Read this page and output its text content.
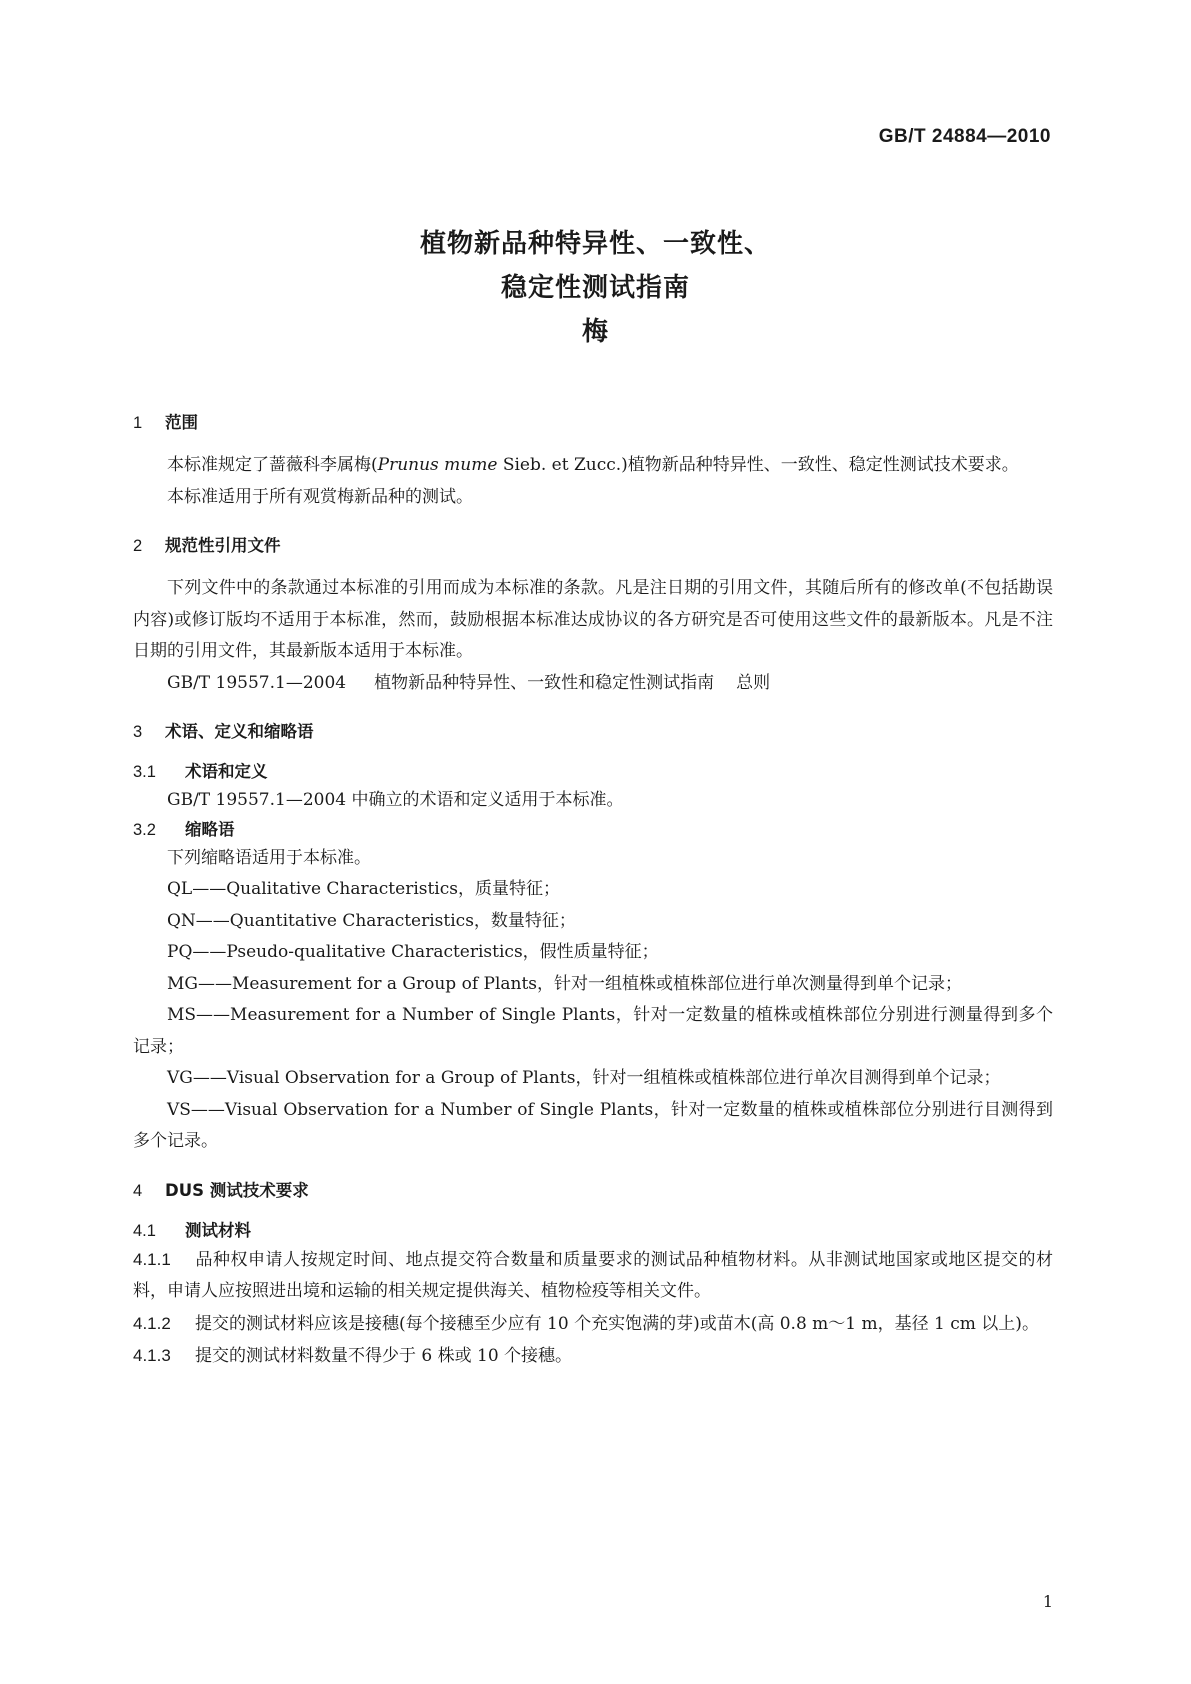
GB/T 24884—2010
植物新品种特异性、一致性、
稳定性测试指南
梅
1 范围

本标准规定了蔷薇科李属梅(Prunus mume Sieb. et Zucc.)植物新品种特异性、一致性、稳定性测试技术要求。

本标准适用于所有观赏梅新品种的测试。

2 规范性引用文件

下列文件中的条款通过本标准的引用而成为本标准的条款。凡是注日期的引用文件，其随后所有的修改单(不包括勘误内容)或修订版均不适用于本标准，然而，鼓励根据本标准达成协议的各方研究是否可使用这些文件的最新版本。凡是不注日期的引用文件，其最新版本适用于本标准。

GB/T 19557.1—2004 植物新品种特异性、一致性和稳定性测试指南 总则

3 术语、定义和缩略语
3.1 术语和定义

GB/T 19557.1—2004 中确立的术语和定义适用于本标准。

3.2 缩略语

下列缩略语适用于本标准。

QL——Qualitative Characteristics，质量特征；

QN——Quantitative Characteristics，数量特征；

PQ——Pseudo-qualitative Characteristics，假性质量特征；

MG——Measurement for a Group of Plants，针对一组植株或植株部位进行单次测量得到单个记录；

MS——Measurement for a Number of Single Plants，针对一定数量的植株或植株部位分别进行测量得到多个记录；

VG——Visual Observation for a Group of Plants，针对一组植株或植株部位进行单次目测得到单个记录；

VS——Visual Observation for a Number of Single Plants，针对一定数量的植株或植株部位分别进行目测得到多个记录。

4 DUS 测试技术要求
4.1 测试材料

4.1.1 品种权申请人按规定时间、地点提交符合数量和质量要求的测试品种植物材料。从非测试地国家或地区提交的材料，申请人应按照进出境和运输的相关规定提供海关、植物检疫等相关文件。

4.1.2 提交的测试材料应该是接穗(每个接穗至少应有 10 个充实饱满的芽)或苗木(高 0.8 m～1 m，基径 1 cm 以上)。

4.1.3 提交的测试材料数量不得少于 6 株或 10 个接穗。

1
